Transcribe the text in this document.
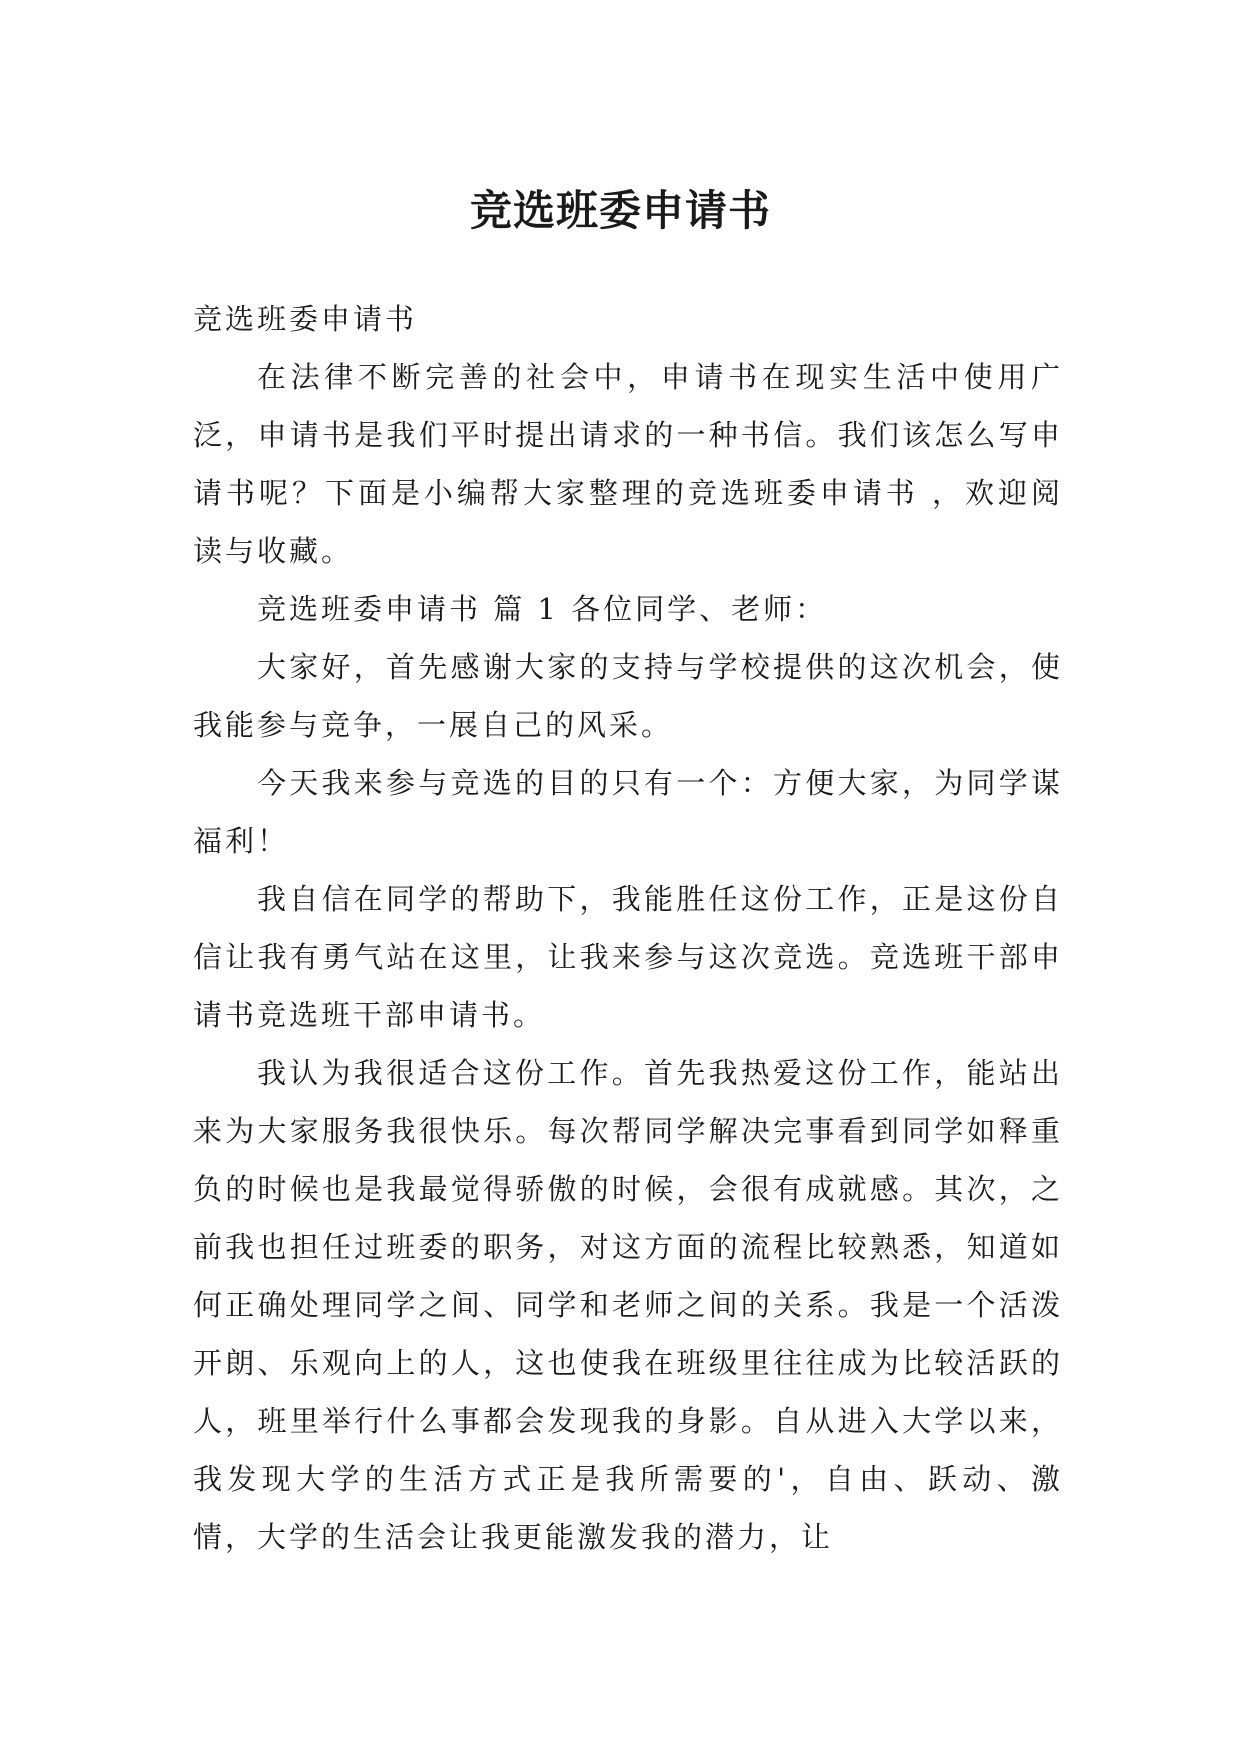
竞选班委申请书

竞选班委申请书

在法律不断完善的社会中，申请书在现实生活中使用广泛，申请书是我们平时提出请求的一种书信。我们该怎么写申请书呢？下面是小编帮大家整理的竞选班委申请书 ，欢迎阅读与收藏。

竞选班委申请书 篇 1 各位同学、老师：

大家好，首先感谢大家的支持与学校提供的这次机会，使我能参与竞争，一展自己的风采。

今天我来参与竞选的目的只有一个：方便大家，为同学谋福利！

我自信在同学的帮助下，我能胜任这份工作，正是这份自信让我有勇气站在这里，让我来参与这次竞选。竞选班干部申请书竞选班干部申请书。

我认为我很适合这份工作。首先我热爱这份工作，能站出来为大家服务我很快乐。每次帮同学解决完事看到同学如释重负的时候也是我最觉得骄傲的时候，会很有成就感。其次，之前我也担任过班委的职务，对这方面的流程比较熟悉，知道如何正确处理同学之间、同学和老师之间的关系。我是一个活泼开朗、乐观向上的人，这也使我在班级里往往成为比较活跃的人，班里举行什么事都会发现我的身影。自从进入大学以来，我发现大学的生活方式正是我所需要的'，自由、跃动、激情，大学的生活会让我更能激发我的潜力，让
